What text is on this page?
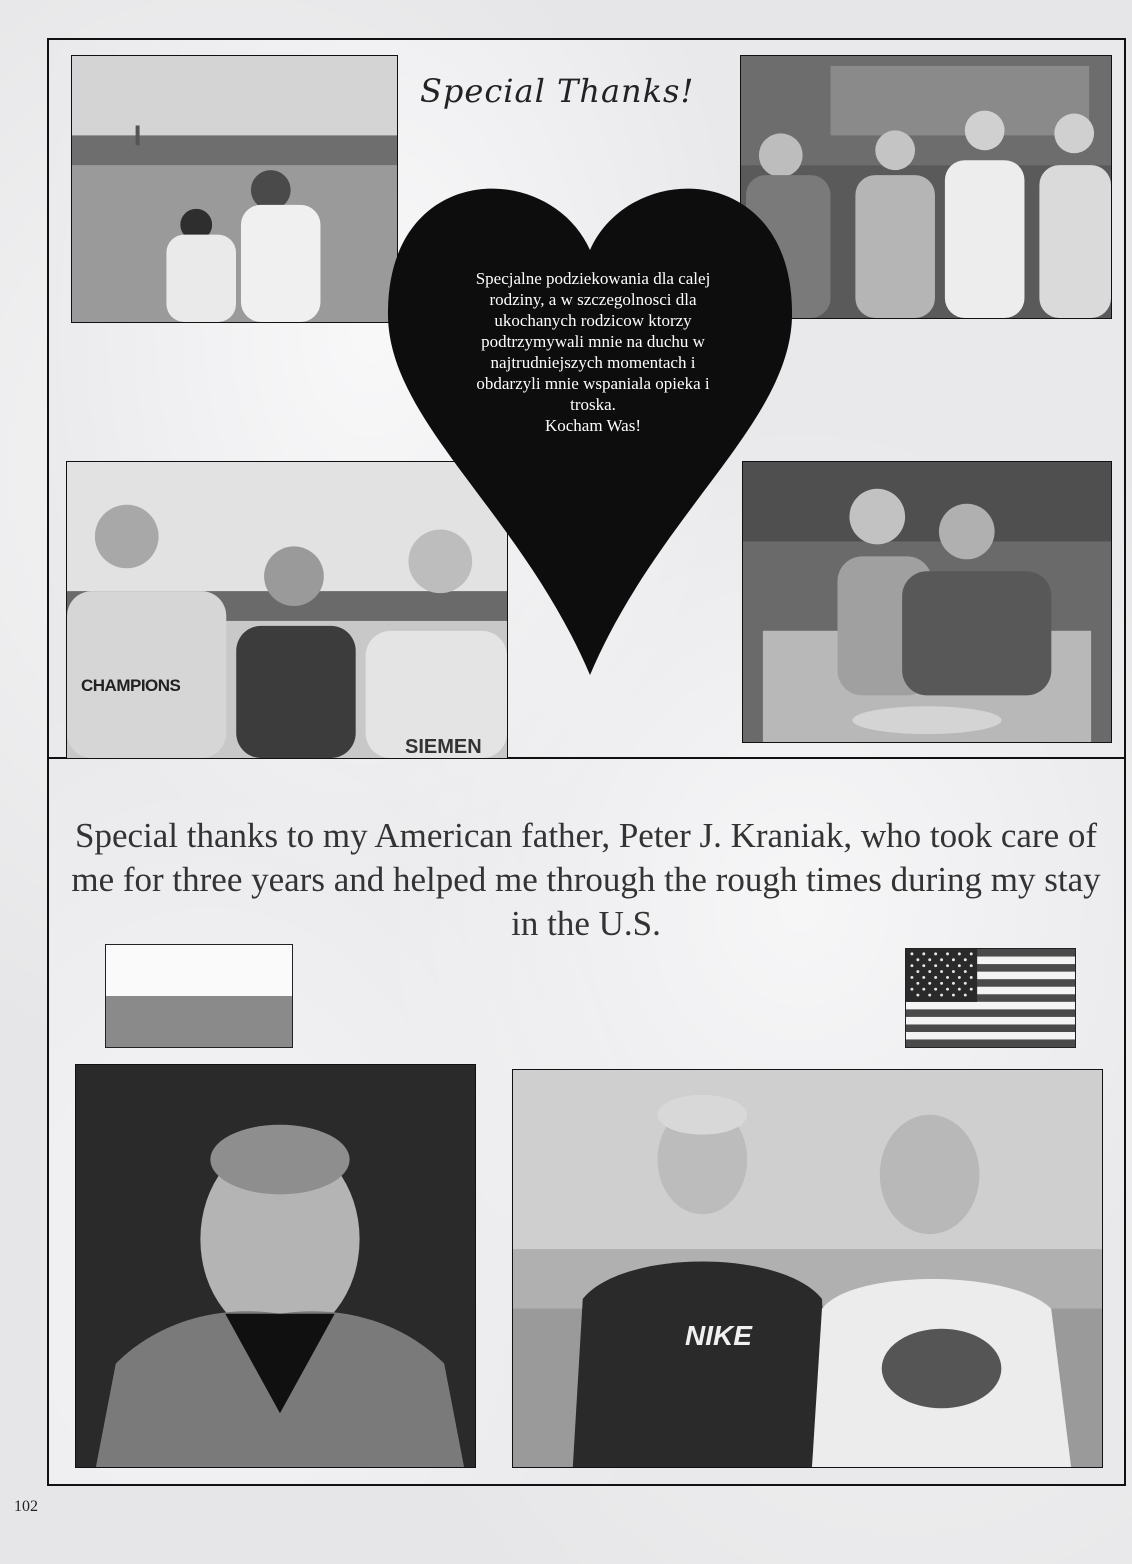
Special Thanks!
CHAMPIONS
SIEMEN

Specjalne podziekowania dla calej

rodziny, a w szczegolnosci dla

ukochanych rodzicow ktorzy

podtrzymywali mnie na duchu w

najtrudniejszych momentach i

obdarzyli mnie wspaniala opieka i

troska.

Kocham Was!

Special thanks to my American father, Peter J. Kraniak, who took care of me for three years and helped me through the rough times during my stay in the U.S.
NIKE
102
